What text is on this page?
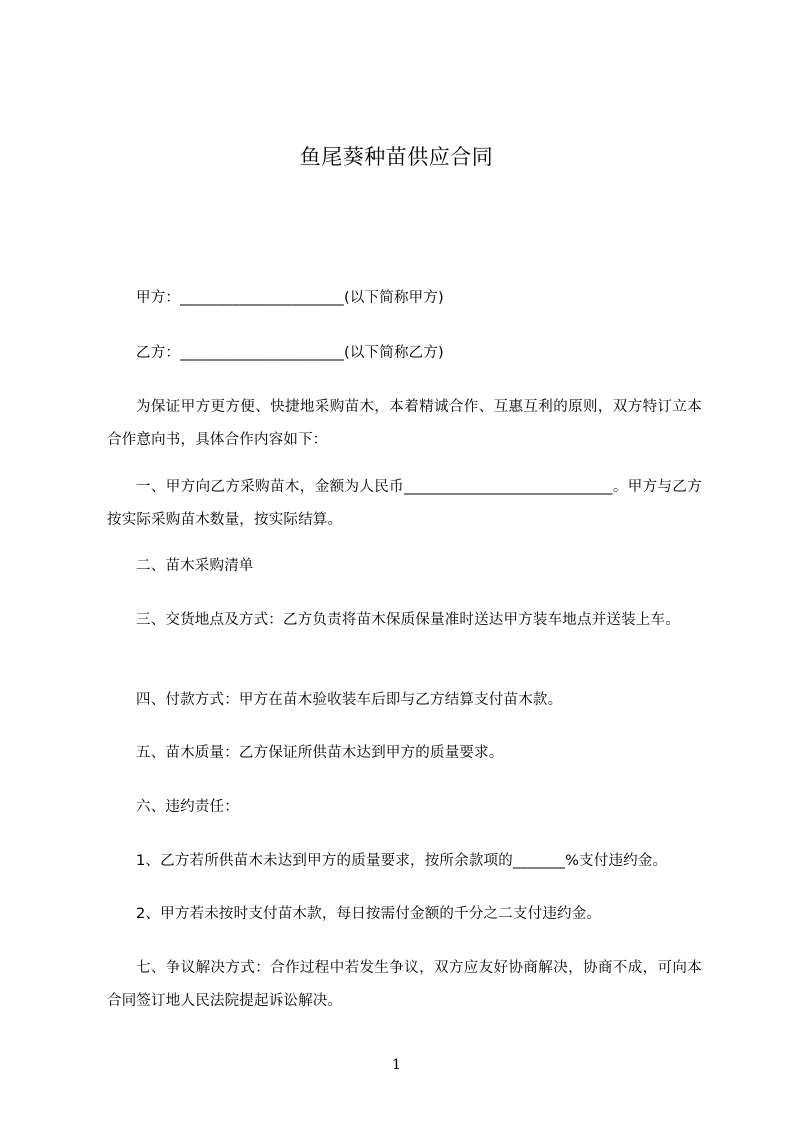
鱼尾葵种苗供应合同

甲方：______________________(以下简称甲方)

乙方：______________________(以下简称乙方)

为保证甲方更方便、快捷地采购苗木，本着精诚合作、互惠互利的原则，双方特订立本合作意向书，具体合作内容如下：

一、甲方向乙方采购苗木，金额为人民币____________________________。甲方与乙方按实际采购苗木数量，按实际结算。

二、苗木采购清单

三、交货地点及方式：乙方负责将苗木保质保量准时送达甲方装车地点并送装上车。

四、付款方式：甲方在苗木验收装车后即与乙方结算支付苗木款。

五、苗木质量：乙方保证所供苗木达到甲方的质量要求。

六、违约责任：

1、乙方若所供苗木未达到甲方的质量要求，按所余款项的_______%支付违约金。

2、甲方若未按时支付苗木款，每日按需付金额的千分之二支付违约金。

七、争议解决方式：合作过程中若发生争议，双方应友好协商解决，协商不成，可向本合同签订地人民法院提起诉讼解决。

1
